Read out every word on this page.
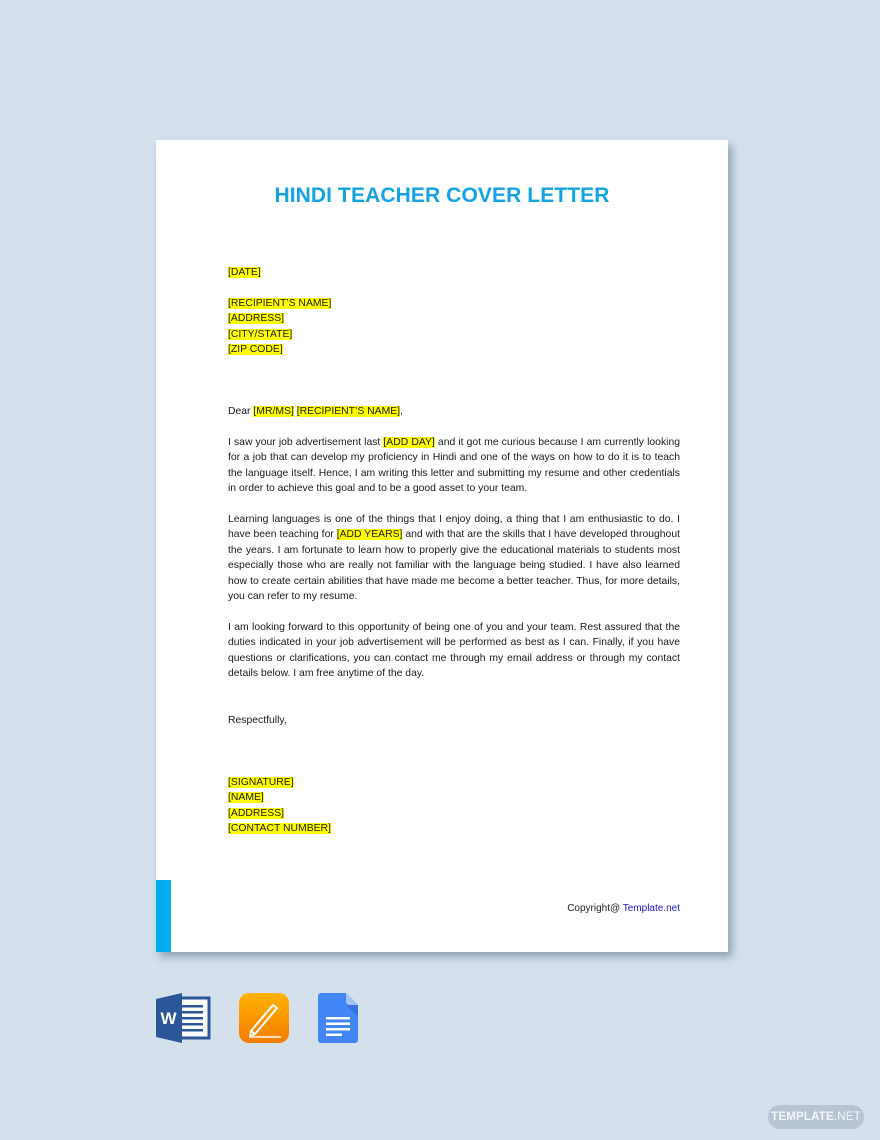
HINDI TEACHER COVER LETTER
[DATE]
[RECIPIENT’S NAME]
[ADDRESS]
[CITY/STATE]
[ZIP CODE]
Dear [MR/MS] [RECIPIENT’S NAME],
I saw your job advertisement last [ADD DAY] and it got me curious because I am currently looking for a job that can develop my proficiency in Hindi and one of the ways on how to do it is to teach the language itself. Hence, I am writing this letter and submitting my resume and other credentials in order to achieve this goal and to be a good asset to your team.
Learning languages is one of the things that I enjoy doing, a thing that I am enthusiastic to do. I have been teaching for [ADD YEARS] and with that are the skills that I have developed throughout the years. I am fortunate to learn how to properly give the educational materials to students most especially those who are really not familiar with the language being studied. I have also learned how to create certain abilities that have made me become a better teacher. Thus, for more details, you can refer to my resume.
I am looking forward to this opportunity of being one of you and your team. Rest assured that the duties indicated in your job advertisement will be performed as best as I can. Finally, if you have questions or clarifications, you can contact me through my email address or through my contact details below. I am free anytime of the day.
Respectfully,
[SIGNATURE]
[NAME]
[ADDRESS]
[CONTACT NUMBER]
Copyright@ Template.net
W
TEMPLATE.NET
